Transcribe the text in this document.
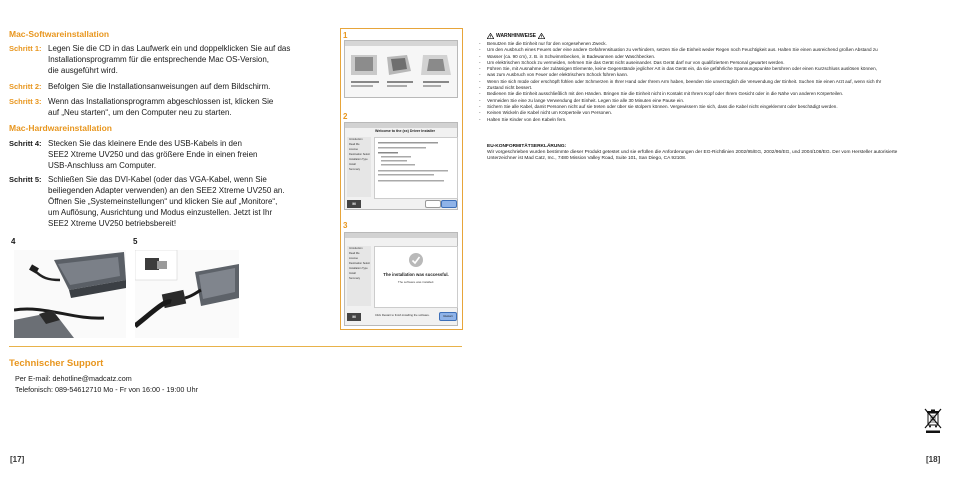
Mac-Softwareinstallation
Schritt 1: Legen Sie die CD in das Laufwerk ein und doppelklicken Sie auf das
Installationsprogramm für die entsprechende Mac OS-Version,
die ausgeführt wird.
Schritt 2: Befolgen Sie die Installationsanweisungen auf dem Bildschirm.
Schritt 3: Wenn das Installationsprogramm abgeschlossen ist, klicken Sie
auf „Neu starten“, um den Computer neu zu starten.
Mac-Hardwareinstallation
Schritt 4: Stecken Sie das kleinere Ende des USB-Kabels in den
SEE2 Xtreme UV250 und das größere Ende in einen freien
USB-Anschluss am Computer.
Schritt 5: Schließen Sie das DVI-Kabel (oder das VGA-Kabel, wenn Sie
beiliegenden Adapter verwenden) an den SEE2 Xtreme UV250 an.
Öffnen Sie „Systemeinstellungen“ und klicken Sie auf „Monitore“,
um Auflösung, Ausrichtung und Modus einzustellen. Jetzt ist Ihr
SEE2 Xtreme UV250 betriebsbereit!
4	5
1
2
3
Welcome to the (xx) Driver Installer
Introduction
Read Me
License
Destination Select
Installation Type
Install
Summary
M
Introduction
Read Me
License
Destination Select
Installation Type
Install
Summary
The installation was successful.
The software was installed.
M	Click Restart to finish installing the software.	Restart
Technischer Support
Per E-mail: dehotline@madcatz.com
Telefonisch: 089-54612710 Mo - Fr von 16:00 - 19:00 Uhr
[17]
WARNHINWEISE
- Benutzen Sie die Einheit nur für den vorgesehenen Zweck.
- Um den Ausbruch eines Feuers oder eine andere Gefahrensituation zu verhindern, setzen Sie die Einheit weder Regen noch Feuchtigkeit aus. Halten Sie einen ausreichend großen Abstand zu
- Wasser (ca. 90 cm), z. B. in Schwimmbecken, in Badewannen oder Waschbecken.
- Um elektrischen Schock zu vermeiden, nehmen Sie das Gerät nicht auseinander. Das Gerät darf nur von qualifiziertem Personal gewartet werden.
- Führen Sie, mit Ausnahme der zulässigen Elemente, keine Gegenstände jeglicher Art in das Gerät ein, da sie gefährliche Spannungspunkte berühren oder einen Kurzschluss auslösen können,
- was zum Ausbruch von Feuer oder elektrischem Schock führen kann.
- Wenn Sie sich müde oder erschöpft fühlen oder Schmerzen in Ihrer Hand oder Ihrem Arm haben, beenden Sie unverzüglich die Verwendung der Einheit. Suchen Sie einen Arzt auf, wenn sich Ihr
- Zustand nicht bessert.
- Bedienen Sie die Einheit ausschließlich mit den Händen. Bringen Sie die Einheit nicht in Kontakt mit Ihrem Kopf oder Ihrem Gesicht oder in die Nähe von anderen Körperteilen.
- Vermeiden Sie eine zu lange Verwendung der Einheit. Legen Sie alle 30 Minuten eine Pause ein.
- Sichern Sie alle Kabel, damit Personen nicht auf sie treten oder über sie stolpern können. Vergewissern Sie sich, dass die Kabel nicht eingeklemmt oder beschädigt werden.
- Keinen Wickeln die Kabel nicht um Körperteile von Personen.
- Halten Sie Kinder von den Kabeln fern.
EU-KONFORMITÄTSERKLÄRUNG:
Wir vorgeschrieben wurden bestimmte dieser Produkt getestet und sie erfüllen die Anforderungen der EG-Richtlinien 2002/95/EG, 2002/96/EG, und 2004/108/EG. Der vom Hersteller autorisierte
Unterzeichner ist Mad Catz, Inc., 7480 Mission Valley Road, Suite 101, San Diego, CA 92108.
[18]
